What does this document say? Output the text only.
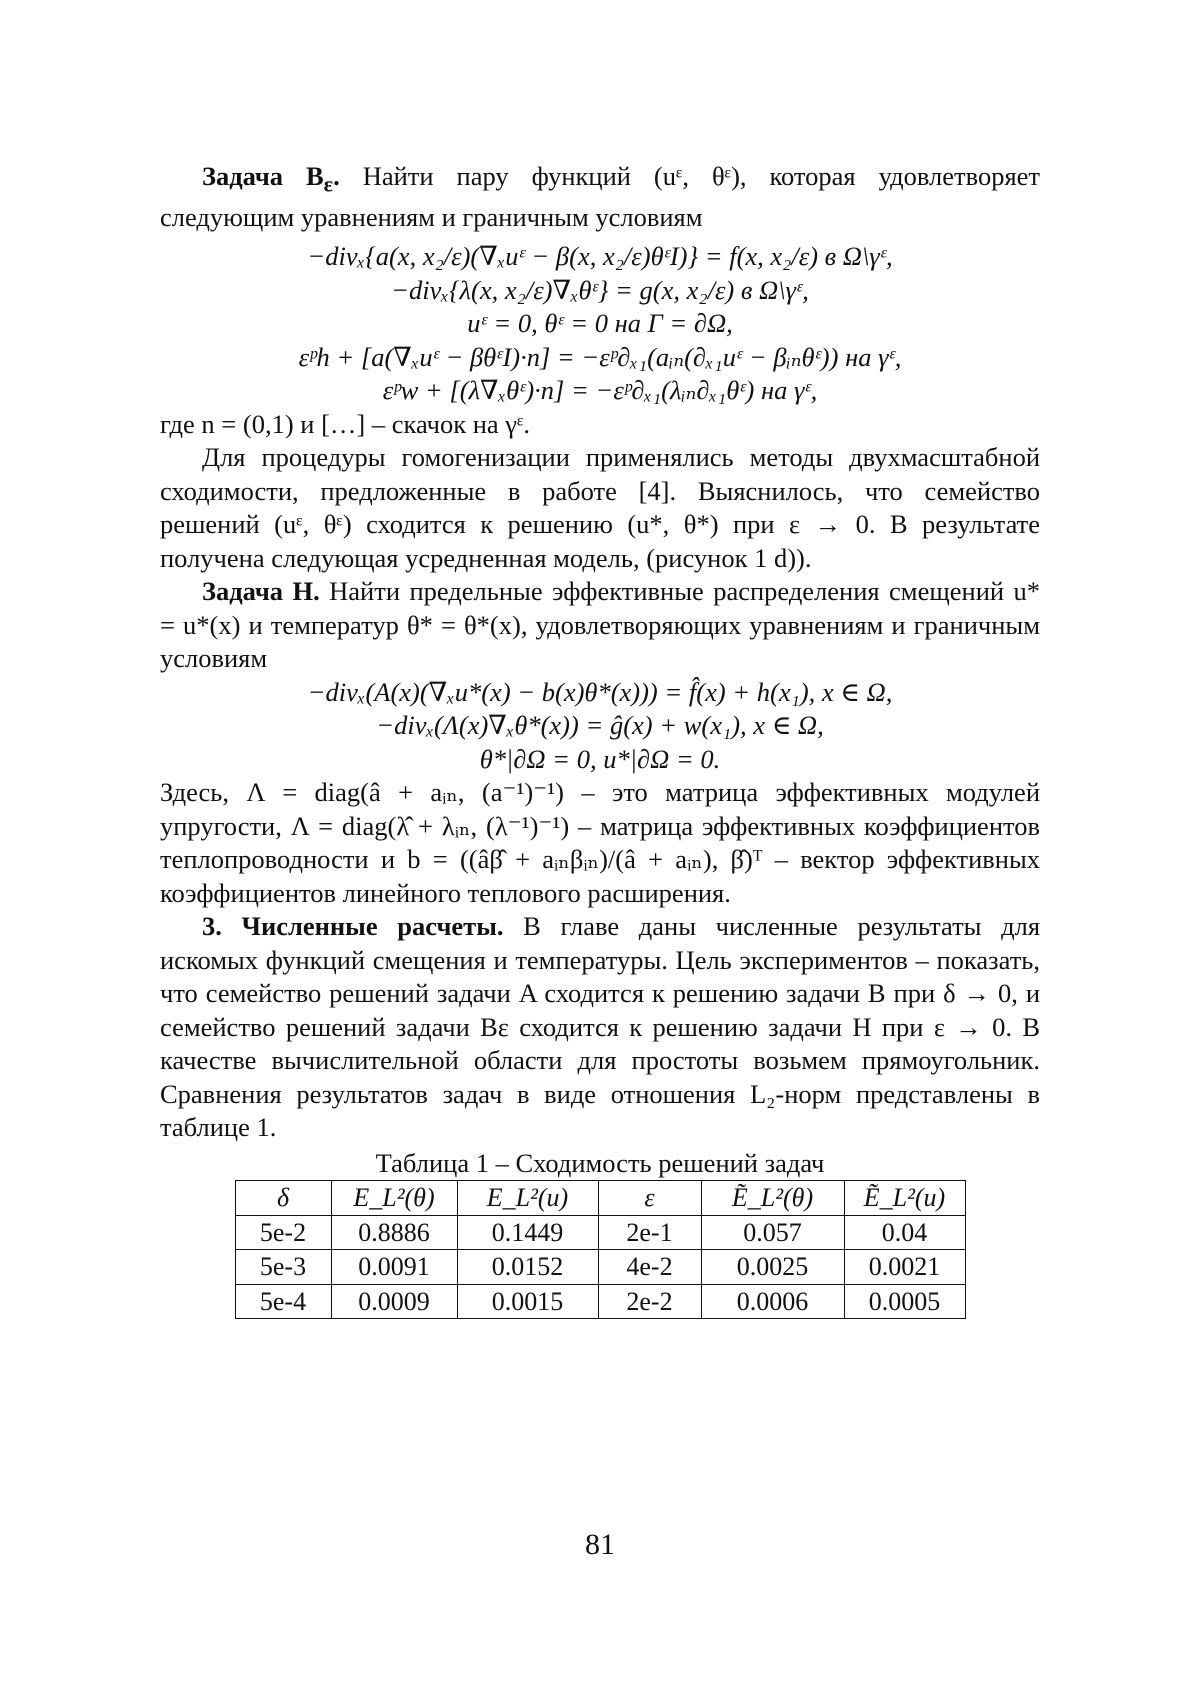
Задача $B_\varepsilon$. Найти пару функций (uᵋ, θᵋ), которая удовлетворяет следующим уравнениям и граничным условиям

−divₓ{a(x, x₂/ε)(∇ₓuᵋ − β(x, x₂/ε)θᵋI)} = f(x, x₂/ε) в Ω\γᵋ,

−divₓ{λ(x, x₂/ε)∇ₓθᵋ} = g(x, x₂/ε) в Ω\γᵋ,

uᵋ = 0, θᵋ = 0 на Γ = ∂Ω,

εᵖh + [a(∇ₓuᵋ − βθᵋI)·n] = −εᵖ∂ₓ₁(aᵢₙ(∂ₓ₁uᵋ − βᵢₙθᵋ)) на γᵋ,

εᵖw + [(λ∇ₓθᵋ)·n] = −εᵖ∂ₓ₁(λᵢₙ∂ₓ₁θᵋ) на γᵋ,

где n = (0,1) и […] – скачок на γᵋ.

Для процедуры гомогенизации применялись методы двухмасштабной сходимости, предложенные в работе [4]. Выяснилось, что семейство решений (uᵋ, θᵋ) сходится к решению (u*, θ*) при ε → 0. В результате получена следующая усредненная модель, (рисунок 1 d)).

Задача H. Найти предельные эффективные распределения смещений u* = u*(x) и температур θ* = θ*(x), удовлетворяющих уравнениям и граничным условиям

−divₓ(A(x)(∇ₓu*(x) − b(x)θ*(x))) = f̂(x) + h(x₁), x ∈ Ω,

−divₓ(Λ(x)∇ₓθ*(x)) = ĝ(x) + w(x₁), x ∈ Ω,

θ*|∂Ω = 0, u*|∂Ω = 0.

Здесь, Λ = diag(â + aᵢₙ, (a⁻¹)⁻¹) – это матрица эффективных модулей упругости, Λ = diag(λ̂ + λᵢₙ, (λ⁻¹)⁻¹) – матрица эффективных коэффициентов теплопроводности и b = ((âβ̂ + aᵢₙβᵢₙ)/(â + aᵢₙ), β̂)ᵀ – вектор эффективных коэффициентов линейного теплового расширения.

3. Численные расчеты. В главе даны численные результаты для искомых функций смещения и температуры. Цель экспериментов – показать, что семейство решений задачи A сходится к решению задачи B при δ → 0, и семейство решений задачи Bε сходится к решению задачи H при ε → 0. В качестве вычислительной области для простоты возьмем прямоугольник. Сравнения результатов задач в виде отношения L₂-норм представлены в таблице 1.

Таблица 1 – Сходимость решений задач

δ	E_L²(θ)	E_L²(u)	ε	Ẽ_L²(θ)	Ẽ_L²(u)
5e-2	0.8886	0.1449	2e-1	0.057	0.04
5e-3	0.0091	0.0152	4e-2	0.0025	0.0021
5e-4	0.0009	0.0015	2e-2	0.0006	0.0005
81
